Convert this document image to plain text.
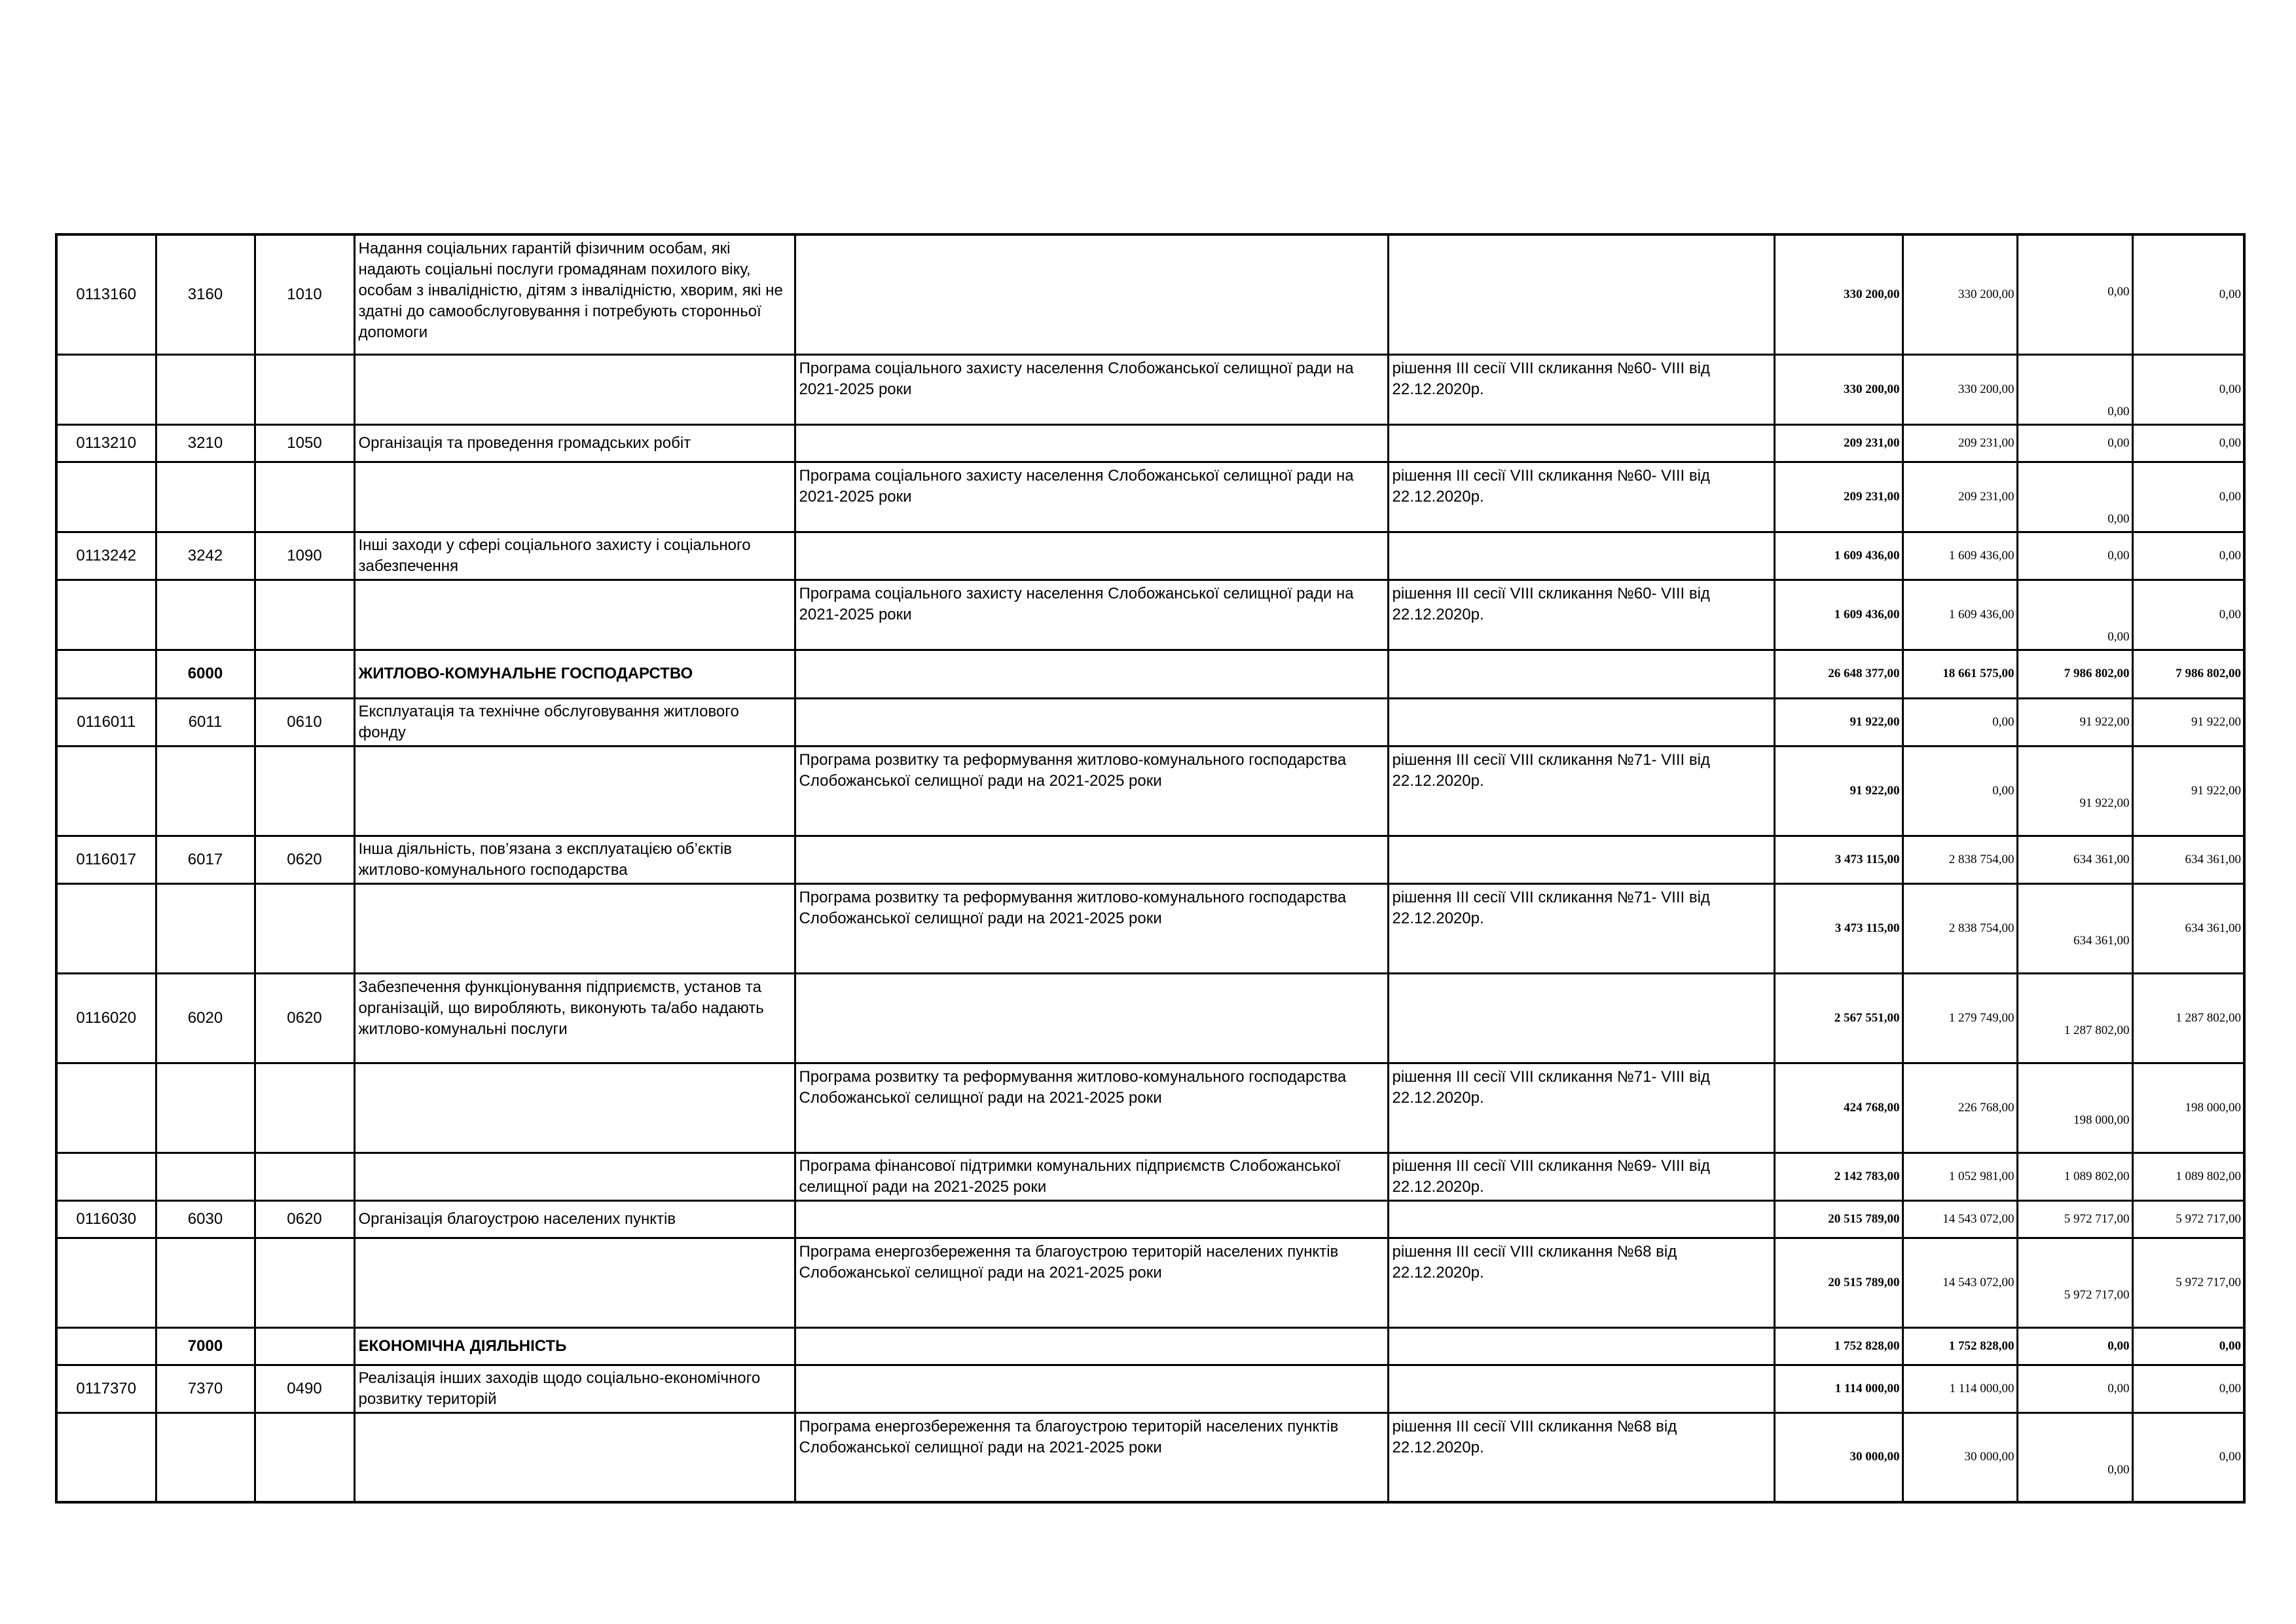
0113160	3160	1010	Надання соціальних гарантій фізичним особам, які надають соціальні послуги громадянам похилого віку, особам з інвалідністю, дітям з інвалідністю, хворим, які не здатні до самообслуговування і потребують сторонньої допомоги			330 200,00	330 200,00	0,00	0,00
				Програма соціального захисту населення Слобожанської селищної ради на 2021-2025 роки	рішення ІІІ сесії VIII скликання №60- VIII від 22.12.2020р.	330 200,00	330 200,00	0,00	0,00
0113210	3210	1050	Організація та проведення громадських робіт			209 231,00	209 231,00	0,00	0,00
				Програма соціального захисту населення Слобожанської селищної ради на 2021-2025 роки	рішення ІІІ сесії VIII скликання №60- VIII від 22.12.2020р.	209 231,00	209 231,00	0,00	0,00
0113242	3242	1090	Інші заходи у сфері соціального захисту і соціального забезпечення			1 609 436,00	1 609 436,00	0,00	0,00
				Програма соціального захисту населення Слобожанської селищної ради на 2021-2025 роки	рішення ІІІ сесії VIII скликання №60- VIII від 22.12.2020р.	1 609 436,00	1 609 436,00	0,00	0,00
	6000		ЖИТЛОВО-КОМУНАЛЬНЕ ГОСПОДАРСТВО			26 648 377,00	18 661 575,00	7 986 802,00	7 986 802,00
0116011	6011	0610	Експлуатація та технічне обслуговування житлового фонду			91 922,00	0,00	91 922,00	91 922,00
				Програма розвитку та реформування житлово-комунального господарства Слобожанської селищної ради на 2021-2025 роки	рішення ІІІ сесії VIII скликання №71- VIII від 22.12.2020р.	91 922,00	0,00	91 922,00	91 922,00
0116017	6017	0620	Інша діяльність, пов’язана з експлуатацією об’єктів житлово-комунального господарства			3 473 115,00	2 838 754,00	634 361,00	634 361,00
				Програма розвитку та реформування житлово-комунального господарства Слобожанської селищної ради на 2021-2025 роки	рішення ІІІ сесії VIII скликання №71- VIII від 22.12.2020р.	3 473 115,00	2 838 754,00	634 361,00	634 361,00
0116020	6020	0620	Забезпечення функціонування підприємств, установ та організацій, що виробляють, виконують та/або надають житлово-комунальні послуги			2 567 551,00	1 279 749,00	1 287 802,00	1 287 802,00
				Програма розвитку та реформування житлово-комунального господарства Слобожанської селищної ради на 2021-2025 роки	рішення ІІІ сесії VIII скликання №71- VIII від 22.12.2020р.	424 768,00	226 768,00	198 000,00	198 000,00
				Програма фінансової підтримки комунальних підприємств Слобожанської селищної ради на 2021-2025 роки	рішення ІІІ сесії VIII скликання №69- VIII від 22.12.2020р.	2 142 783,00	1 052 981,00	1 089 802,00	1 089 802,00
0116030	6030	0620	Організація благоустрою населених пунктів			20 515 789,00	14 543 072,00	5 972 717,00	5 972 717,00
				Програма енергозбереження та благоустрою територій населених пунктів Слобожанської селищної ради на 2021-2025 роки	рішення ІІІ сесії VIII скликання №68 від 22.12.2020р.	20 515 789,00	14 543 072,00	5 972 717,00	5 972 717,00
	7000		ЕКОНОМІЧНА ДІЯЛЬНІСТЬ			1 752 828,00	1 752 828,00	0,00	0,00
0117370	7370	0490	Реалізація інших заходів щодо соціально-економічного розвитку територій			1 114 000,00	1 114 000,00	0,00	0,00
				Програма енергозбереження та благоустрою територій населених пунктів Слобожанської селищної ради на 2021-2025 роки	рішення ІІІ сесії VIII скликання №68 від 22.12.2020р.	30 000,00	30 000,00	0,00	0,00
